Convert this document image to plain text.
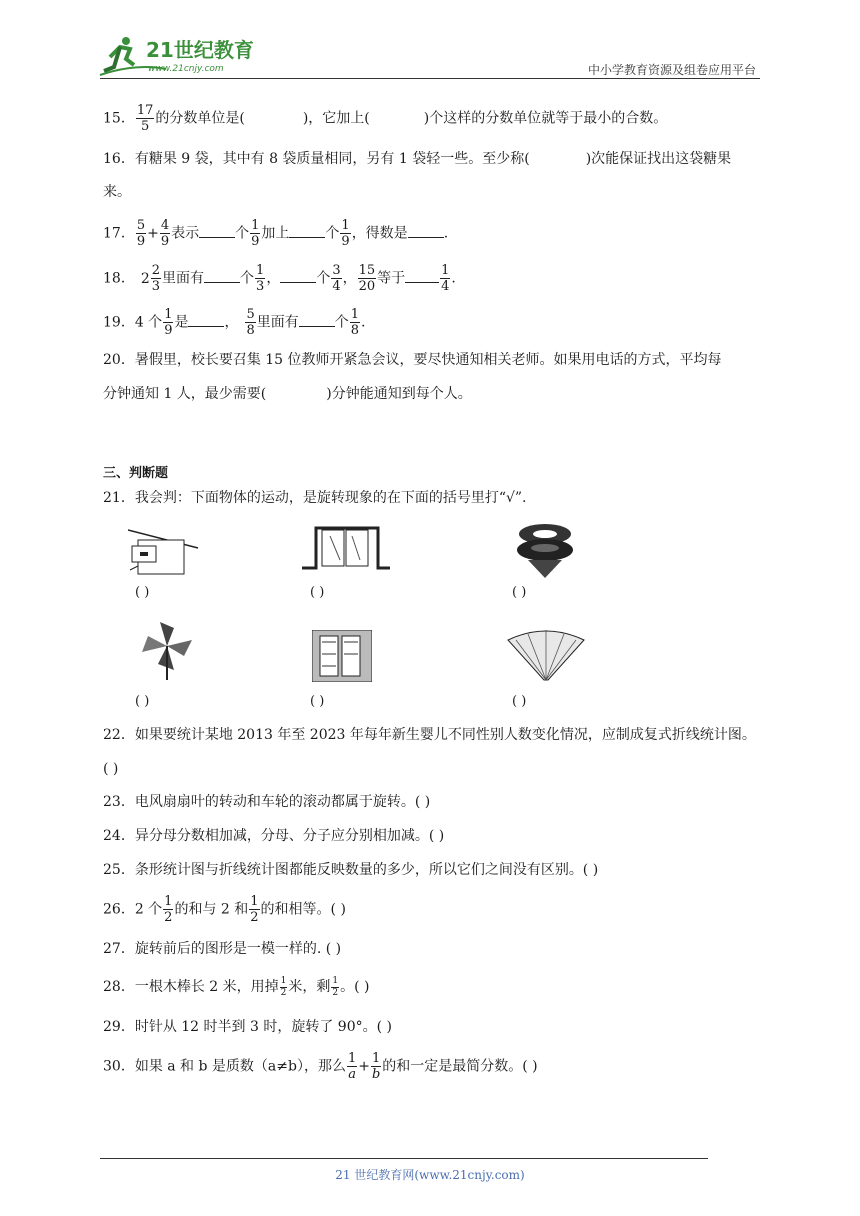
21世纪教育
www.21cnjy.com	中小学教育资源及组卷应用平台
15． $\frac{17}{5}$ 的分数单位是(	)，它加上(	)个这样的分数单位就等于最小的合数。
16．有糖果 9 袋，其中有 8 袋质量相同，另有 1 袋轻一些。至少称(	)次能保证找出这袋糖果
来。
17． $\frac{5}{9} + \frac{4}{9}$ 表示	个 $\frac{1}{9}$ 加上	个 $\frac{1}{9}$ ，得数是	.
18． $2 \frac{2}{3}$ 里面有	个 $\frac{1}{3}$ ，	个 $\frac{3}{4}$ ， $\frac{15}{20}$ 等于	$\frac{1}{4}$ .
19．4 个 $\frac{1}{9}$ 是	， $\frac{5}{8}$ 里面有	个 $\frac{1}{8}$ .
20．暑假里，校长要召集 15 位教师开紧急会议，要尽快通知相关老师。如果用电话的方式，平均每
分钟通知 1 人，最少需要(	)分钟能通知到每个人。
三、判断题
21．我会判：下面物体的运动，是旋转现象的在下面的括号里打“√”.
( )	( )	( )
( )	( )	( )
22．如果要统计某地 2013 年至 2023 年每年新生婴儿不同性别人数变化情况，应制成复式折线统计图。
( )
23．电风扇扇叶的转动和车轮的滚动都属于旋转。( )
24．异分母分数相加减，分母、分子应分别相加减。( )
25．条形统计图与折线统计图都能反映数量的多少，所以它们之间没有区别。( )
26．2 个 $\frac{1}{2}$ 的和与 2 和 $\frac{1}{2}$ 的和相等。( )
27．旋转前后的图形是一模一样的. ( )
28．一根木棒长 2 米，用掉 $\frac{1}{2}$ 米，剩 $\frac{1}{2}$ 。( )
29．时针从 12 时半到 3 时，旋转了 90°。( )
30．如果 a 和 b 是质数（a≠b），那么 $\frac{1}{a} + \frac{1}{b}$ 的和一定是最简分数。( )
21 世纪教育网(www.21cnjy.com)
